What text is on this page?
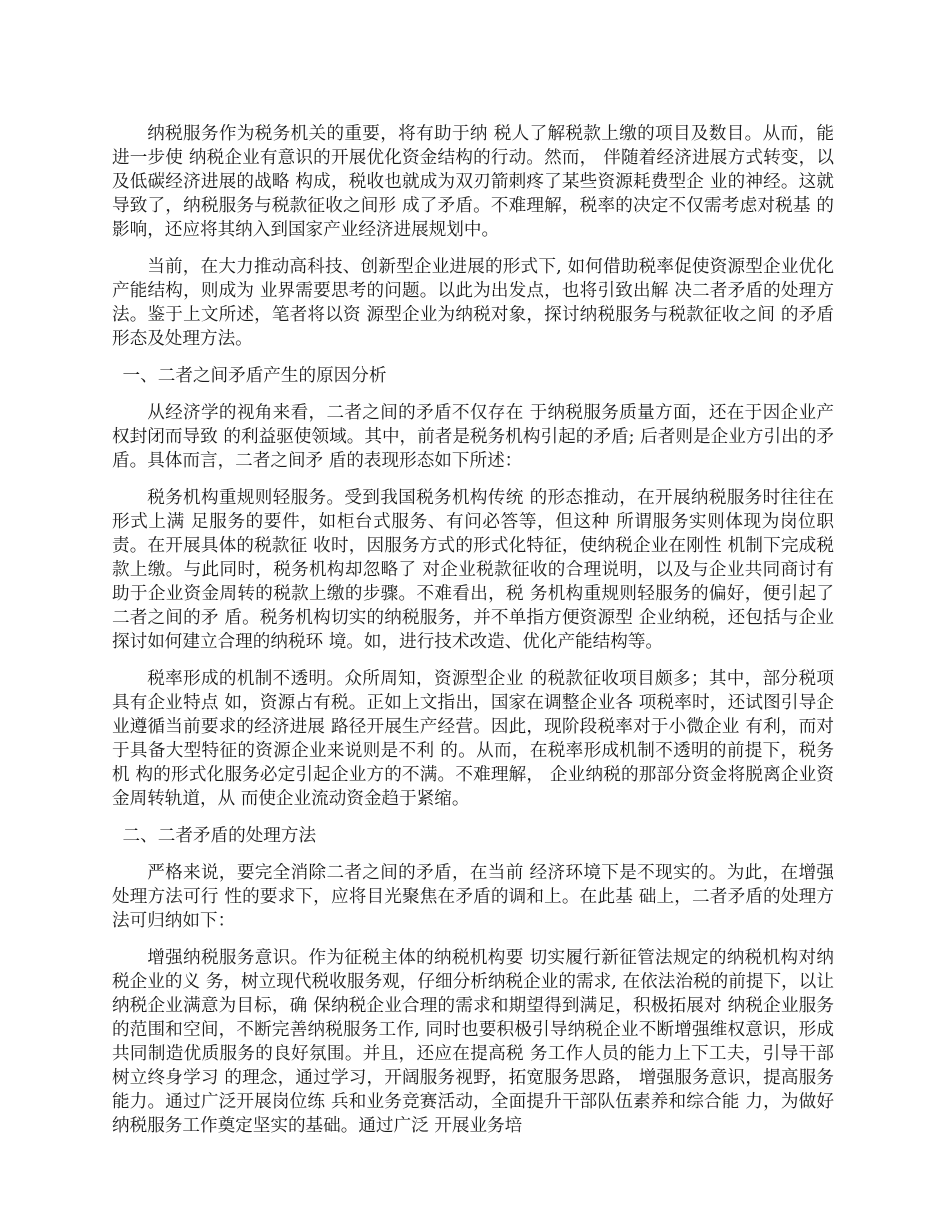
纳税服务作为税务机关的重要，将有助于纳 税人了解税款上缴的项目及数目。从而，能进一步使 纳税企业有意识的开展优化资金结构的行动。然而， 伴随着经济进展方式转变，以及低碳经济进展的战略 构成，税收也就成为双刃箭刺疼了某些资源耗费型企 业的神经。这就导致了，纳税服务与税款征收之间形 成了矛盾。不难理解，税率的决定不仅需考虑对税基 的影响，还应将其纳入到国家产业经济进展规划中。

当前，在大力推动高科技、创新型企业进展的形式下, 如何借助税率促使资源型企业优化产能结构，则成为 业界需要思考的问题。以此为出发点，也将引致出解 决二者矛盾的处理方法。鉴于上文所述，笔者将以资 源型企业为纳税对象，探讨纳税服务与税款征收之间 的矛盾形态及处理方法。

一、二者之间矛盾产生的原因分析

从经济学的视角来看，二者之间的矛盾不仅存在 于纳税服务质量方面，还在于因企业产权封闭而导致 的利益驱使领域。其中，前者是税务机构引起的矛盾; 后者则是企业方引出的矛盾。具体而言，二者之间矛 盾的表现形态如下所述：

税务机构重规则轻服务。受到我国税务机构传统 的形态推动，在开展纳税服务时往往在形式上满 足服务的要件，如柜台式服务、有问必答等，但这种 所谓服务实则体现为岗位职责。在开展具体的税款征 收时，因服务方式的形式化特征，使纳税企业在刚性 机制下完成税款上缴。与此同时，税务机构却忽略了 对企业税款征收的合理说明，以及与企业共同商讨有 助于企业资金周转的税款上缴的步骤。不难看出，税 务机构重规则轻服务的偏好，便引起了二者之间的矛 盾。税务机构切实的纳税服务，并不单指方便资源型 企业纳税，还包括与企业探讨如何建立合理的纳税环 境。如，进行技术改造、优化产能结构等。

税率形成的机制不透明。众所周知，资源型企业 的税款征收项目颇多；其中，部分税项具有企业特点 如，资源占有税。正如上文指出，国家在调整企业各 项税率时，还试图引导企业遵循当前要求的经济进展 路径开展生产经营。因此，现阶段税率对于小微企业 有利，而对于具备大型特征的资源企业来说则是不利 的。从而，在税率形成机制不透明的前提下，税务机 构的形式化服务必定引起企业方的不满。不难理解， 企业纳税的那部分资金将脱离企业资金周转轨道，从 而使企业流动资金趋于紧缩。

二、二者矛盾的处理方法

严格来说，要完全消除二者之间的矛盾，在当前 经济环境下是不现实的。为此，在增强处理方法可行 性的要求下，应将目光聚焦在矛盾的调和上。在此基 础上，二者矛盾的处理方法可归纳如下：

增强纳税服务意识。作为征税主体的纳税机构要 切实履行新征管法规定的纳税机构对纳税企业的义 务，树立现代税收服务观，仔细分析纳税企业的需求, 在依法治税的前提下，以让纳税企业满意为目标，确 保纳税企业合理的需求和期望得到满足，积极拓展对 纳税企业服务的范围和空间，不断完善纳税服务工作, 同时也要积极引导纳税企业不断增强维权意识，形成 共同制造优质服务的良好氛围。并且，还应在提高税 务工作人员的能力上下工夫，引导干部树立终身学习 的理念，通过学习，开阔服务视野，拓宽服务思路， 增强服务意识，提高服务能力。通过广泛开展岗位练 兵和业务竞赛活动，全面提升干部队伍素养和综合能 力，为做好纳税服务工作奠定坚实的基础。通过广泛 开展业务培
